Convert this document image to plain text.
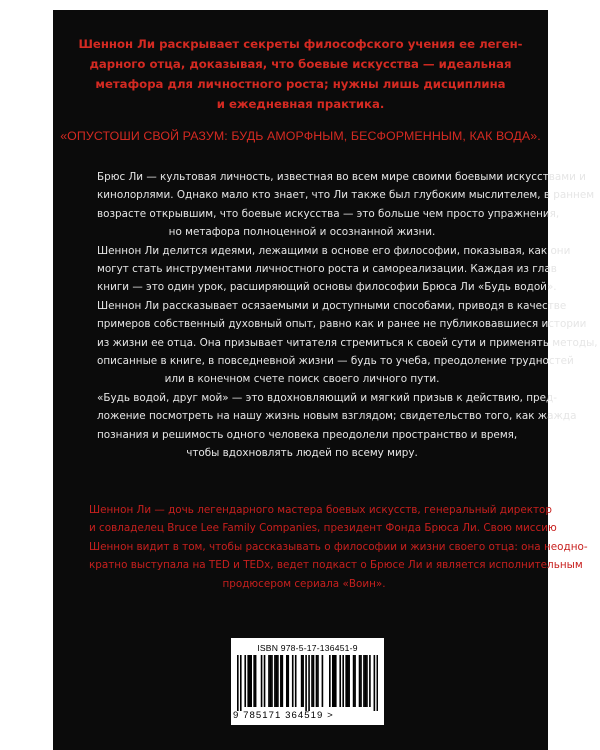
Шеннон Ли раскрывает секреты философского учения ее леген-
дарного отца, доказывая, что боевые искусства — идеальная
метафора для личностного роста; нужны лишь дисциплина
и ежедневная практика.
«ОПУСТОШИ СВОЙ РАЗУМ: БУДЬ АМОРФНЫМ, БЕСФОРМЕННЫМ, КАК ВОДА».
Брюс Ли — культовая личность, известная во всем мире своими боевыми искусствами и
кинолорлями. Однако мало кто знает, что Ли также был глубоким мыслителем, в раннем
возрасте открывшим, что боевые искусства — это больше чем просто упражнения,
но метафора полноценной и осознанной жизни.
Шеннон Ли делится идеями, лежащими в основе его философии, показывая, как они
могут стать инструментами личностного роста и самореализации. Каждая из глав
книги — это один урок, расширяющий основы философии Брюса Ли «Будь водой».
Шеннон Ли рассказывает осязаемыми и доступными способами, приводя в качестве
примеров собственный духовный опыт, равно как и ранее не публиковавшиеся истории
из жизни ее отца. Она призывает читателя стремиться к своей сути и применять методы,
описанные в книге, в повседневной жизни — будь то учеба, преодоление трудностей
или в конечном счете поиск своего личного пути.
«Будь водой, друг мой» — это вдохновляющий и мягкий призыв к действию, пред-
ложение посмотреть на нашу жизнь новым взглядом; свидетельство того, как жажда
познания и решимость одного человека преодолели пространство и время,
чтобы вдохновлять людей по всему миру.
Шеннон Ли — дочь легендарного мастера боевых искусств, генеральный директор
и совладелец Bruce Lee Family Companies, президент Фонда Брюса Ли. Свою миссию
Шеннон видит в том, чтобы рассказывать о философии и жизни своего отца: она неодно-
кратно выступала на TED и TEDx, ведет подкаст о Брюсе Ли и является исполнительным
продюсером сериала «Воин».
ISBN 978-5-17-136451-9
9 785171 364519 >
